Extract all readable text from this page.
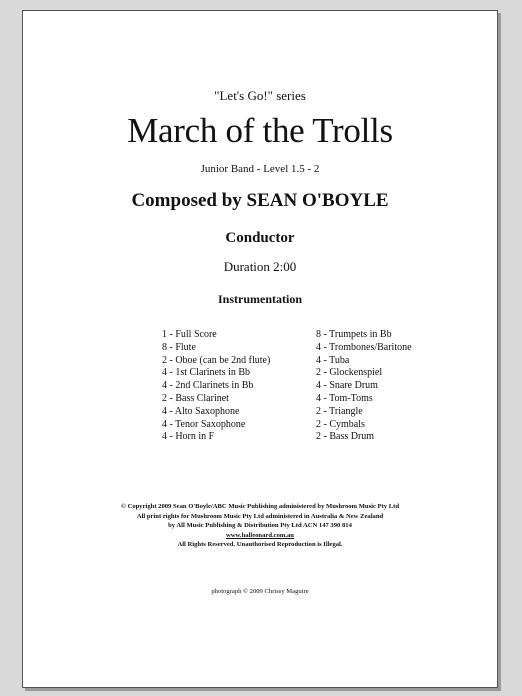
"Let's Go!" series
March of the Trolls
Junior Band - Level 1.5 - 2
Composed by SEAN O'BOYLE
Conductor
Duration 2:00
Instrumentation
1 - Full Score
8 - Flute
2 - Oboe (can be 2nd flute)
4 - 1st Clarinets in Bb
4 - 2nd Clarinets in Bb
2 - Bass Clarinet
4 - Alto Saxophone
4 - Tenor Saxophone
4 - Horn in F
8 - Trumpets in Bb
4 - Trombones/Baritone
4 - Tuba
2 - Glockenspiel
4 - Snare Drum
4 - Tom-Toms
2 - Triangle
2 - Cymbals
2 - Bass Drum
© Copyright 2009 Sean O'Boyle/ABC Music Publishing administered by Mushroom Music Pty Ltd
All print rights for Mushroom Music Pty Ltd administered in Australia & New Zealand
by All Music Publishing & Distribution Pty Ltd ACN 147 390 814
www.halleonard.com.au
All Rights Reserved. Unauthorised Reproduction is Illegal.
photograph © 2009 Chrissy Maguire
